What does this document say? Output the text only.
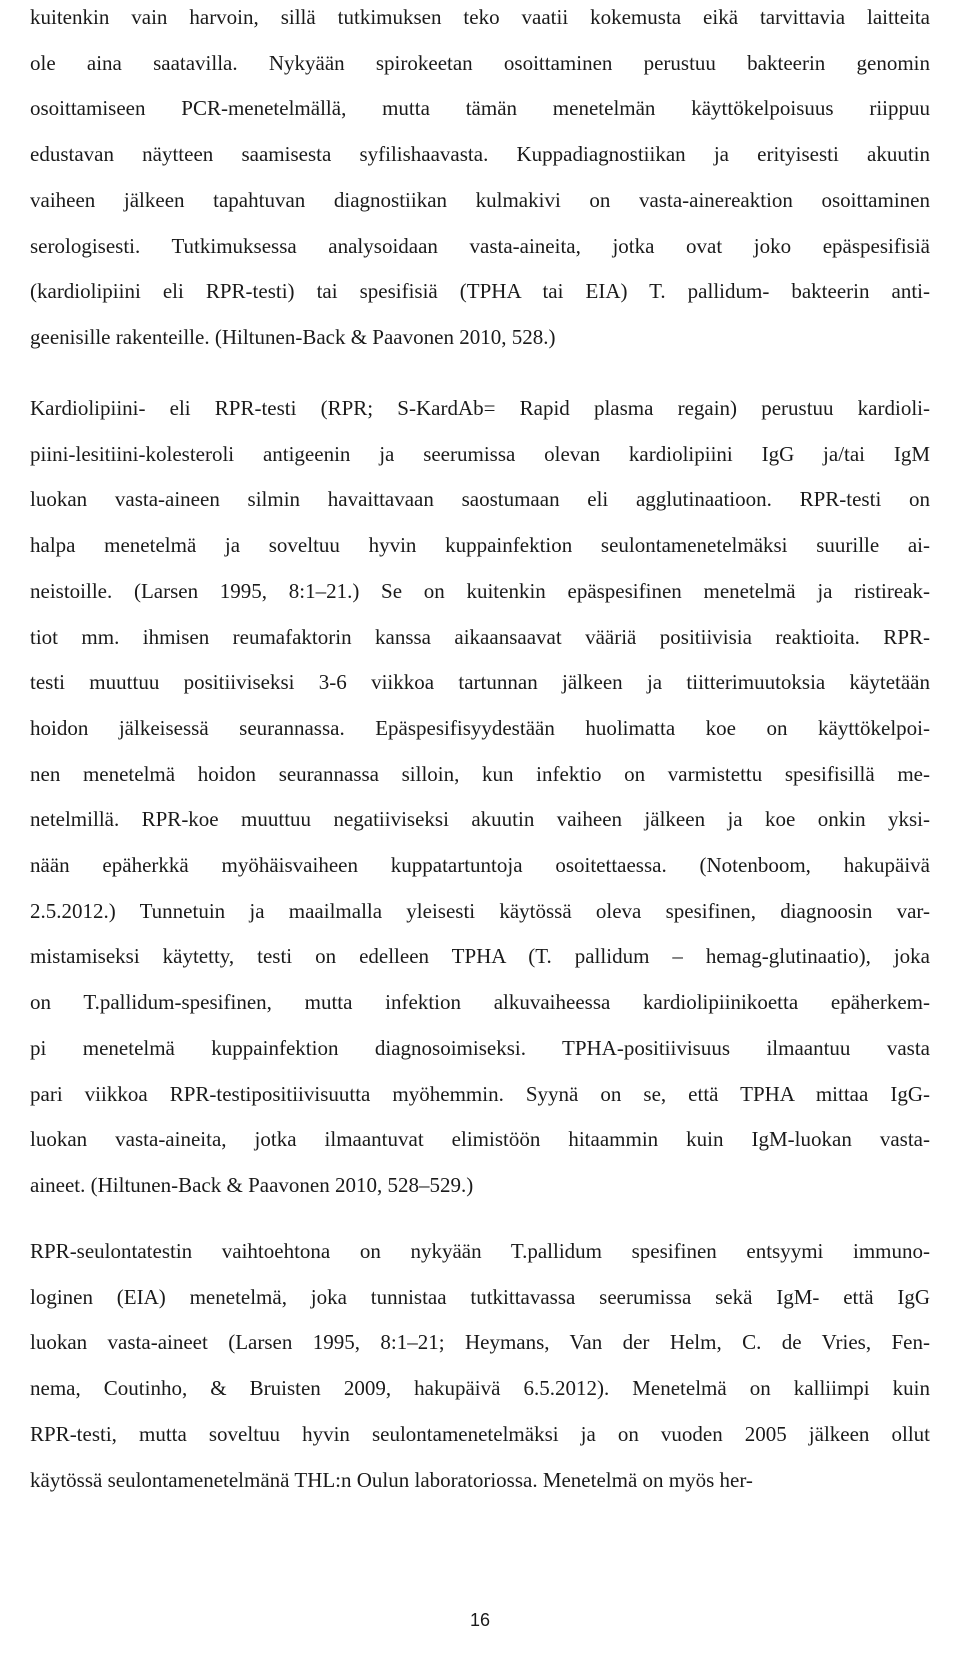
kuitenkin vain harvoin, sillä tutkimuksen teko vaatii kokemusta eikä tarvittavia laitteita
ole aina saatavilla. Nykyään spirokeetan osoittaminen perustuu bakteerin genomin
osoittamiseen PCR-menetelmällä, mutta tämän menetelmän käyttökelpoisuus riippuu
edustavan näytteen saamisesta syfilishaavasta. Kuppadiagnostiikan ja erityisesti akuutin
vaiheen jälkeen tapahtuvan diagnostiikan kulmakivi on vasta-ainereaktion osoittaminen
serologisesti. Tutkimuksessa analysoidaan vasta-aineita, jotka ovat joko epäspesifisiä
(kardiolipiini eli RPR-testi) tai spesifisiä (TPHA tai EIA) T. pallidum- bakteerin anti-
geenisille rakenteille. (Hiltunen-Back & Paavonen 2010, 528.)
Kardiolipiini- eli RPR-testi (RPR; S-KardAb= Rapid plasma regain) perustuu kardioli-
piini-lesitiini-kolesteroli antigeenin ja seerumissa olevan kardiolipiini IgG ja/tai IgM
luokan vasta-aineen silmin havaittavaan saostumaan eli agglutinaatioon. RPR-testi on
halpa menetelmä ja soveltuu hyvin kuppainfektion seulontamenetelmäksi suurille ai-
neistoille. (Larsen 1995, 8:1–21.) Se on kuitenkin epäspesifinen menetelmä ja ristireak-
tiot mm. ihmisen reumafaktorin kanssa aikaansaavat vääriä positiivisia reaktioita. RPR-
testi muuttuu positiiviseksi 3-6 viikkoa tartunnan jälkeen ja tiitterimuutoksia käytetään
hoidon jälkeisessä seurannassa. Epäspesifisyydestään huolimatta koe on käyttökelpoi-
nen menetelmä hoidon seurannassa silloin, kun infektio on varmistettu spesifisillä me-
netelmillä. RPR-koe muuttuu negatiiviseksi akuutin vaiheen jälkeen ja koe onkin yksi-
nään epäherkkä myöhäisvaiheen kuppatartuntoja osoitettaessa. (Notenboom, hakupäivä
2.5.2012.) Tunnetuin ja maailmalla yleisesti käytössä oleva spesifinen, diagnoosin var-
mistamiseksi käytetty, testi on edelleen TPHA (T. pallidum – hemag-glutinaatio), joka
on T.pallidum-spesifinen, mutta infektion alkuvaiheessa kardiolipiinikoetta epäherkem-
pi menetelmä kuppainfektion diagnosoimiseksi. TPHA-positiivisuus ilmaantuu vasta
pari viikkoa RPR-testipositiivisuutta myöhemmin. Syynä on se, että TPHA mittaa IgG-
luokan vasta-aineita, jotka ilmaantuvat elimistöön hitaammin kuin IgM-luokan vasta-
aineet. (Hiltunen-Back & Paavonen 2010, 528–529.)
RPR-seulontatestin vaihtoehtona on nykyään T.pallidum spesifinen entsyymi immuno-
loginen (EIA) menetelmä, joka tunnistaa tutkittavassa seerumissa sekä IgM- että IgG
luokan vasta-aineet (Larsen 1995, 8:1–21; Heymans, Van der Helm, C. de Vries, Fen-
nema, Coutinho, & Bruisten 2009, hakupäivä 6.5.2012). Menetelmä on kalliimpi kuin
RPR-testi, mutta soveltuu hyvin seulontamenetelmäksi ja on vuoden 2005 jälkeen ollut
käytössä seulontamenetelmänä THL:n Oulun laboratoriossa. Menetelmä on myös her-
16
